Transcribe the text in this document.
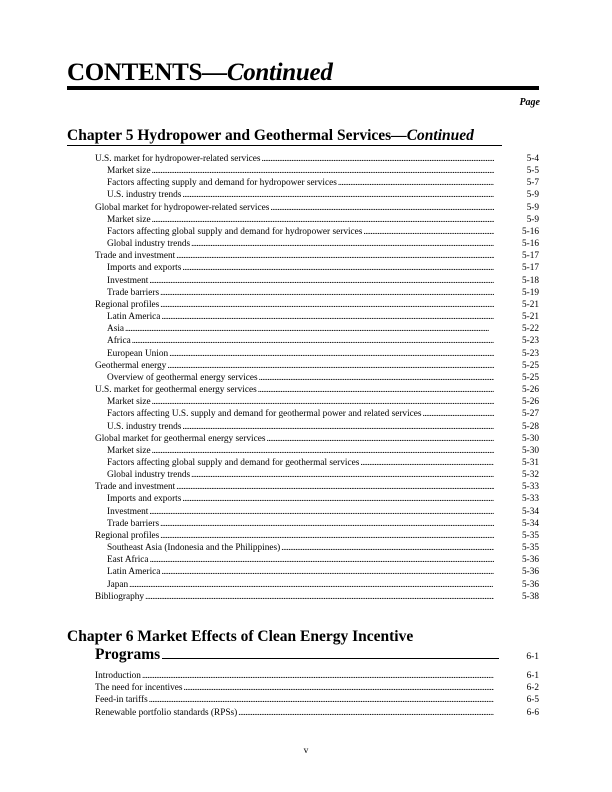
CONTENTS—Continued
Page
Chapter 5 Hydropower and Geothermal Services—Continued
U.S. market for hydropower-related services . . .	5-4
Market size . . .	5-5
Factors affecting supply and demand for hydropower services . . .	5-7
U.S. industry trends . . .	5-9
Global market for hydropower-related services . . .	5-9
Market size . . .	5-9
Factors affecting global supply and demand for hydropower services . . .	5-16
Global industry trends . . .	5-16
Trade and investment . . .	5-17
Imports and exports . . .	5-17
Investment . . .	5-18
Trade barriers . . .	5-19
Regional profiles . . .	5-21
Latin America . . .	5-21
Asia . . .	5-22
Africa . . .	5-23
European Union . . .	5-23
Geothermal energy . . .	5-25
Overview of geothermal energy services . . .	5-25
U.S. market for geothermal energy services . . .	5-26
Market size . . .	5-26
Factors affecting U.S. supply and demand for geothermal power and related services . . .	5-27
U.S. industry trends . . .	5-28
Global market for geothermal energy services . . .	5-30
Market size . . .	5-30
Factors affecting global supply and demand for geothermal services . . .	5-31
Global industry trends . . .	5-32
Trade and investment . . .	5-33
Imports and exports . . .	5-33
Investment . . .	5-34
Trade barriers . . .	5-34
Regional profiles . . .	5-35
Southeast Asia (Indonesia and the Philippines) . . .	5-35
East Africa . . .	5-36
Latin America . . .	5-36
Japan . . .	5-36
Bibliography . . .	5-38
Chapter 6 Market Effects of Clean Energy Incentive
Programs	6-1
Introduction . . .	6-1
The need for incentives . . .	6-2
Feed-in tariffs . . .	6-5
Renewable portfolio standards (RPSs) . . .	6-6
v
